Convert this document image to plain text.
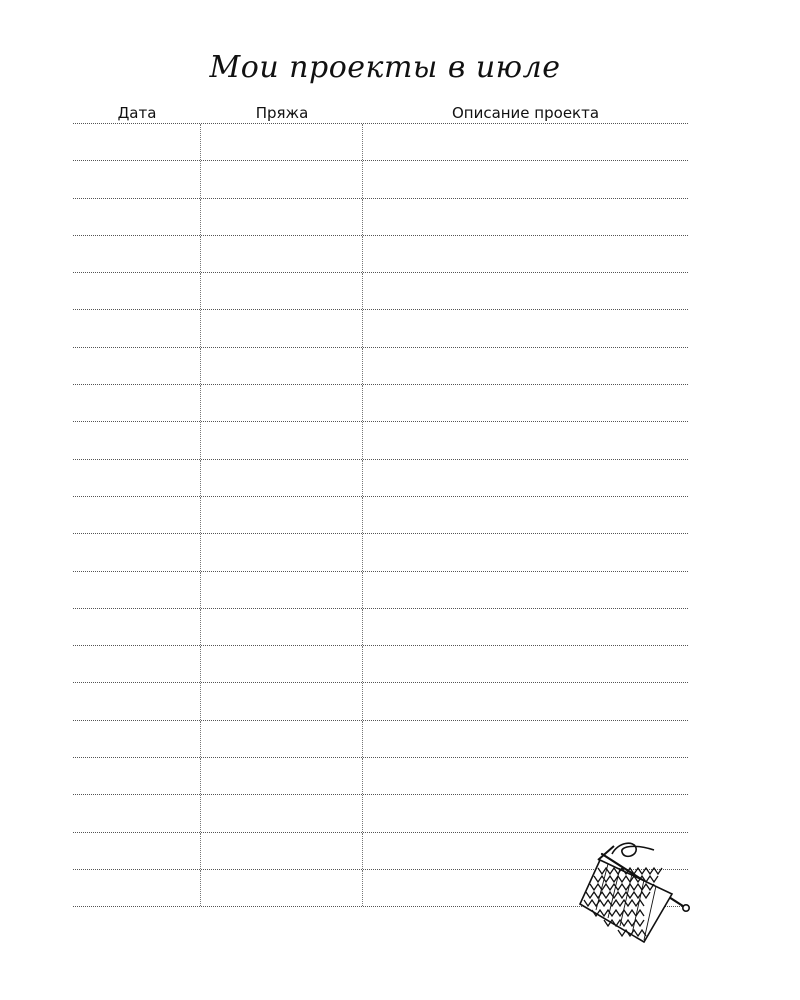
Мои проекты в июле
Дата	Пряжа	Описание проекта
